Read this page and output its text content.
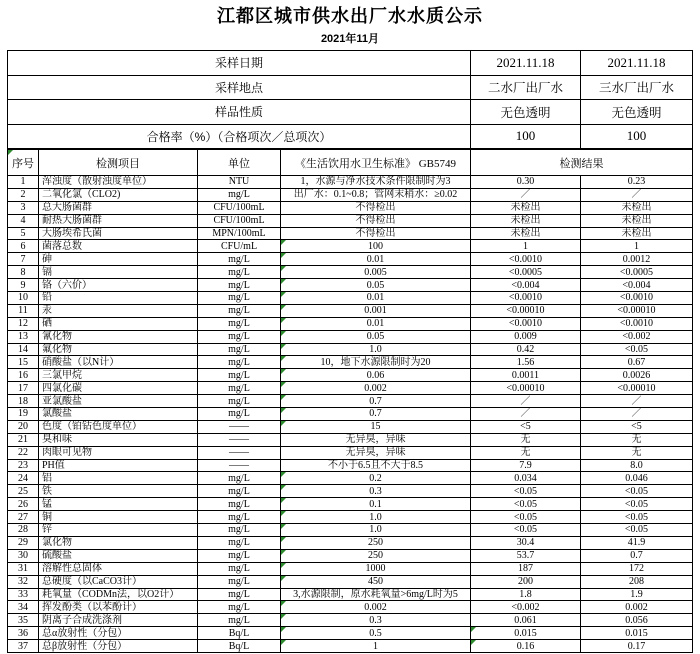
江都区城市供水出厂水水质公示
2021年11月
采样日期	2021.11.18	2021.11.18
采样地点	二水厂出厂水	三水厂出厂水
样品性质	无色透明	无色透明
合格率（%）（合格项次／总项次）	100	100
序号	检测项目	单位	《生活饮用水卫生标准》 GB5749	检测结果	
1	浑浊度（散射浊度单位）	NTU	1，水源与净水技术条件限制时为3	0.30	0.23
2	二氧化氯（CLO2)	mg/L	出厂水：0.1~0.8；管网末稍水：≥0.02	／	／
3	总大肠菌群	CFU/100mL	不得检出	未检出	未检出
4	耐热大肠菌群	CFU/100mL	不得检出	未检出	未检出
5	大肠埃希氏菌	MPN/100mL	不得检出	未检出	未检出
6	菌落总数	CFU/mL	100	1	1
7	砷	mg/L	0.01	<0.0010	0.0012
8	镉	mg/L	0.005	<0.0005	<0.0005
9	铬（六价）	mg/L	0.05	<0.004	<0.004
10	铅	mg/L	0.01	<0.0010	<0.0010
11	汞	mg/L	0.001	<0.00010	<0.00010
12	硒	mg/L	0.01	<0.0010	<0.0010
13	氰化物	mg/L	0.05	0.009	<0.002
14	氟化物	mg/L	1.0	0.42	<0.05
15	硝酸盐（以N计）	mg/L	10，地下水源限制时为20	1.56	0.67
16	三氯甲烷	mg/L	0.06	0.0011	0.0026
17	四氯化碳	mg/L	0.002	<0.00010	<0.00010
18	亚氯酸盐	mg/L	0.7	／	／
19	氯酸盐	mg/L	0.7	／	／
20	色度（铂钴色度单位）	——	15	<5	<5
21	臭和味	——	无异臭，异味	无	无
22	肉眼可见物	——	无异臭，异味	无	无
23	PH值	——	不小于6.5且不大于8.5	7.9	8.0
24	铝	mg/L	0.2	0.034	0.046
25	铁	mg/L	0.3	<0.05	<0.05
26	锰	mg/L	0.1	<0.05	<0.05
27	铜	mg/L	1.0	<0.05	<0.05
28	锌	mg/L	1.0	<0.05	<0.05
29	氯化物	mg/L	250	30.4	41.9
30	硫酸盐	mg/L	250	53.7	0.7
31	溶解性总固体	mg/L	1000	187	172
32	总硬度（以CaCO3计）	mg/L	450	200	208
33	耗氧量（CODMn法，以O2计）	mg/L	3,水源限制，原水耗氧量>6mg/L时为5	1.8	1.9
34	挥发酚类（以苯酚计）	mg/L	0.002	<0.002	0.002
35	阴离子合成洗涤剂	mg/L	0.3	0.061	0.056
36	总α放射性（分包）	Bq/L	0.5	0.015	0.015
37	总β放射性（分包）	Bq/L	1	0.16	0.17
